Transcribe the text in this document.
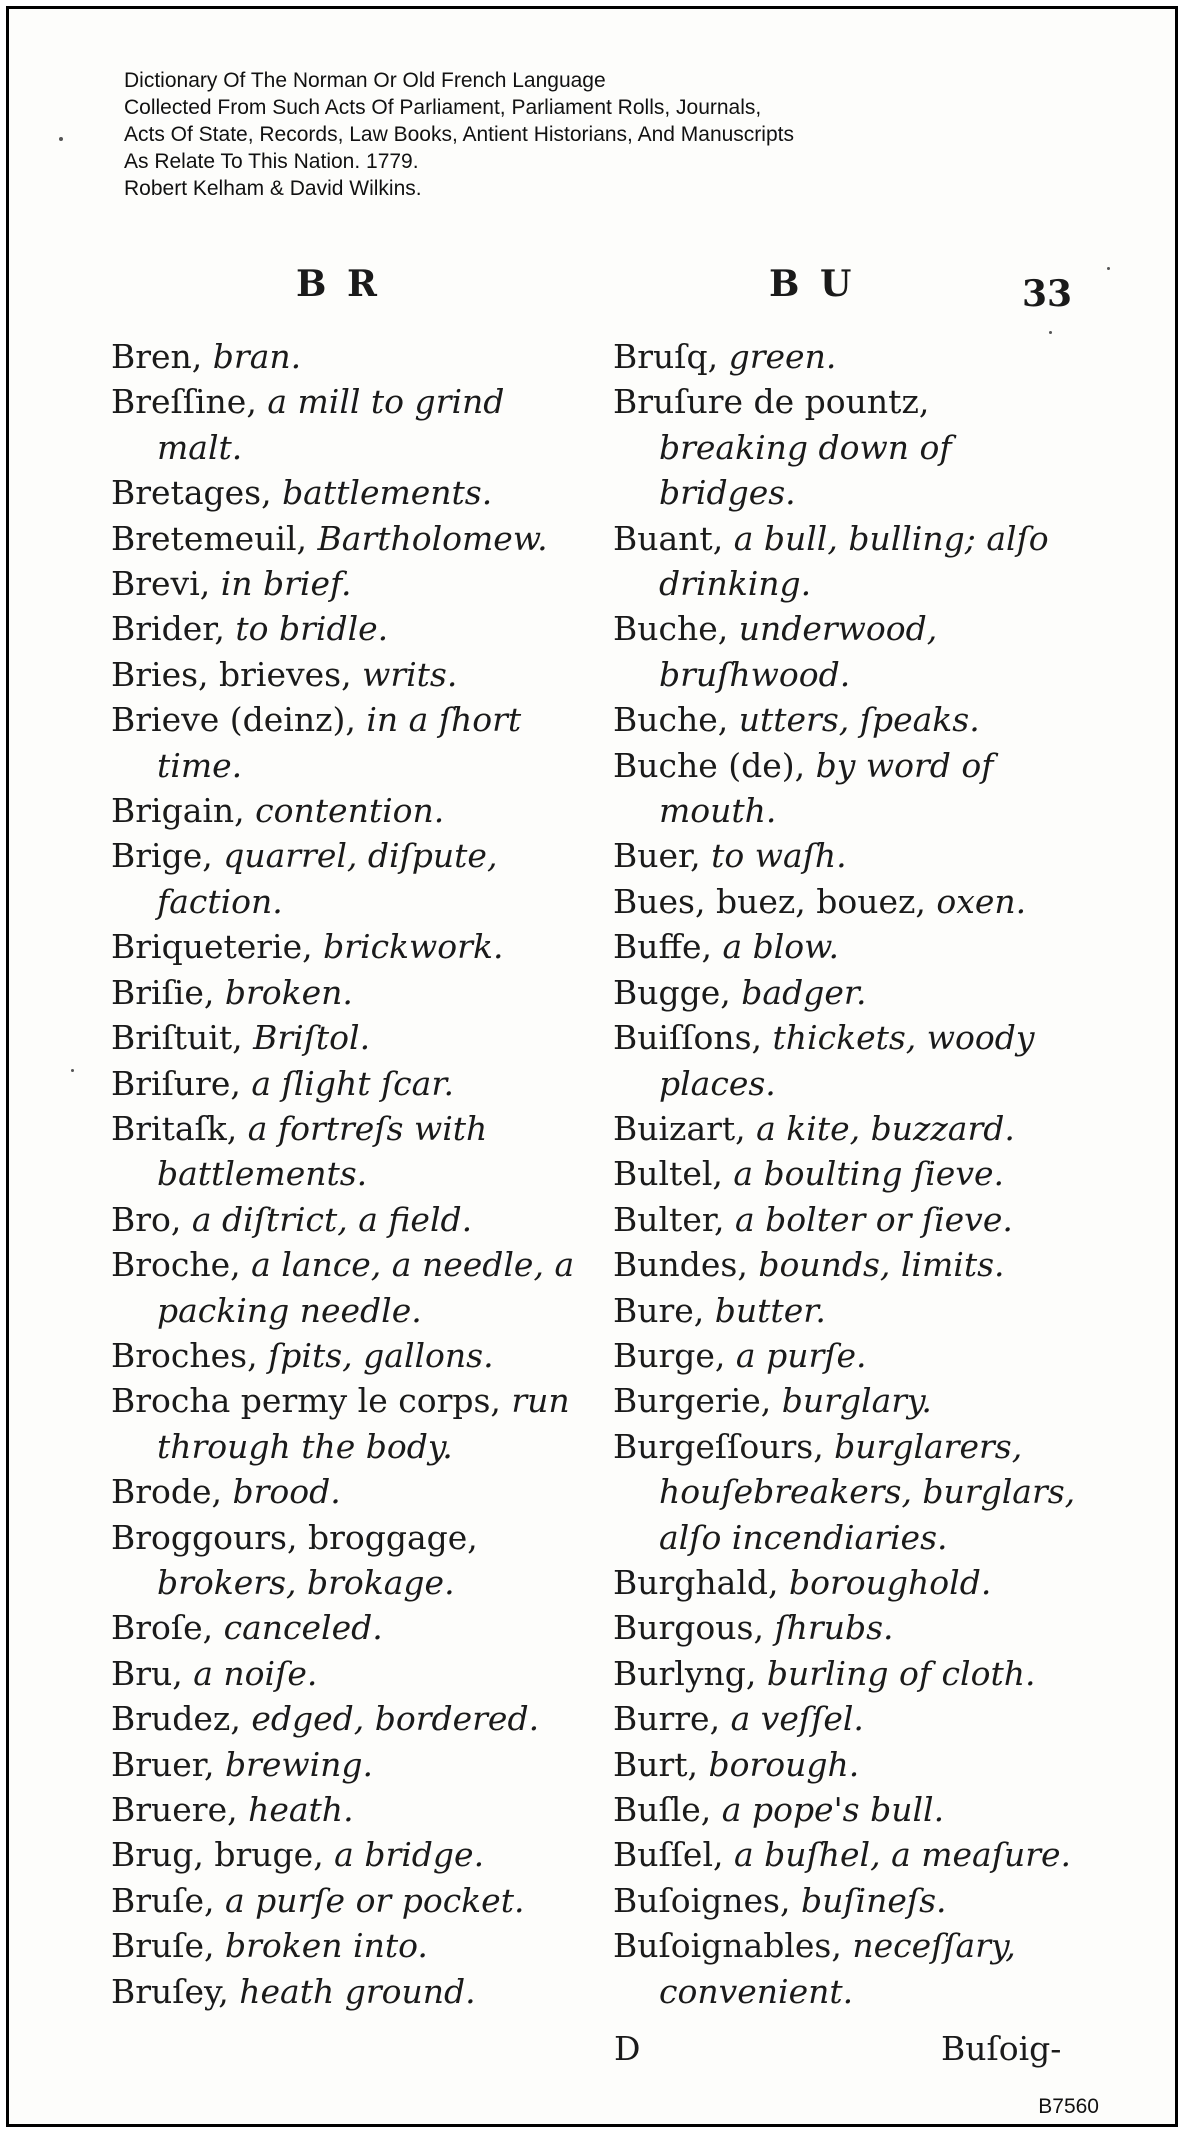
Dictionary Of The Norman Or Old French Language
Collected From Such Acts Of Parliament, Parliament Rolls, Journals,
Acts Of State, Records, Law Books, Antient Historians, And Manuscripts
As Relate To This Nation. 1779.
Robert Kelham & David Wilkins.
B R	B U	33
Bren, bran.
Breſſine, a mill to grind malt.
Bretages, battlements.
Bretemeuil, Bartholomew.
Brevi, in brief.
Brider, to bridle.
Bries, brieves, writs.
Brieve (deinz), in a ſhort time.
Brigain, contention.
Brige, quarrel, diſpute, faction.
Briqueterie, brickwork.
Briſie, broken.
Briſtuit, Briſtol.
Briſure, a ſlight ſcar.
Britaſk, a fortreſs with battlements.
Bro, a diſtrict, a field.
Broche, a lance, a needle, a packing needle.
Broches, ſpits, gallons.
Brocha permy le corps, run through the body.
Brode, brood.
Broggours, broggage, brokers, brokage.
Broſe, canceled.
Bru, a noiſe.
Brudez, edged, bordered.
Bruer, brewing.
Bruere, heath.
Brug, bruge, a bridge.
Bruſe, a purſe or pocket.
Bruſe, broken into.
Bruſey, heath ground.
Bruſq, green.
Bruſure de pountz, breaking down of bridges.
Buant, a bull, bulling; alſo drinking.
Buche, underwood, bruſhwood.
Buche, utters, ſpeaks.
Buche (de), by word of mouth.
Buer, to waſh.
Bues, buez, bouez, oxen.
Buffe, a blow.
Bugge, badger.
Buiſſons, thickets, woody places.
Buizart, a kite, buzzard.
Bultel, a boulting ſieve.
Bulter, a bolter or ſieve.
Bundes, bounds, limits.
Bure, butter.
Burge, a purſe.
Burgerie, burglary.
Burgeſſours, burglarers, houſebreakers, burglars, alſo incendiaries.
Burghald, boroughold.
Burgous, ſhrubs.
Burlyng, burling of cloth.
Burre, a veſſel.
Burt, borough.
Buſle, a pope's bull.
Buſſel, a buſhel, a meaſure.
Buſoignes, buſineſs.
Buſoignables, neceſſary, convenient.
D	Buſoig-
B7560
